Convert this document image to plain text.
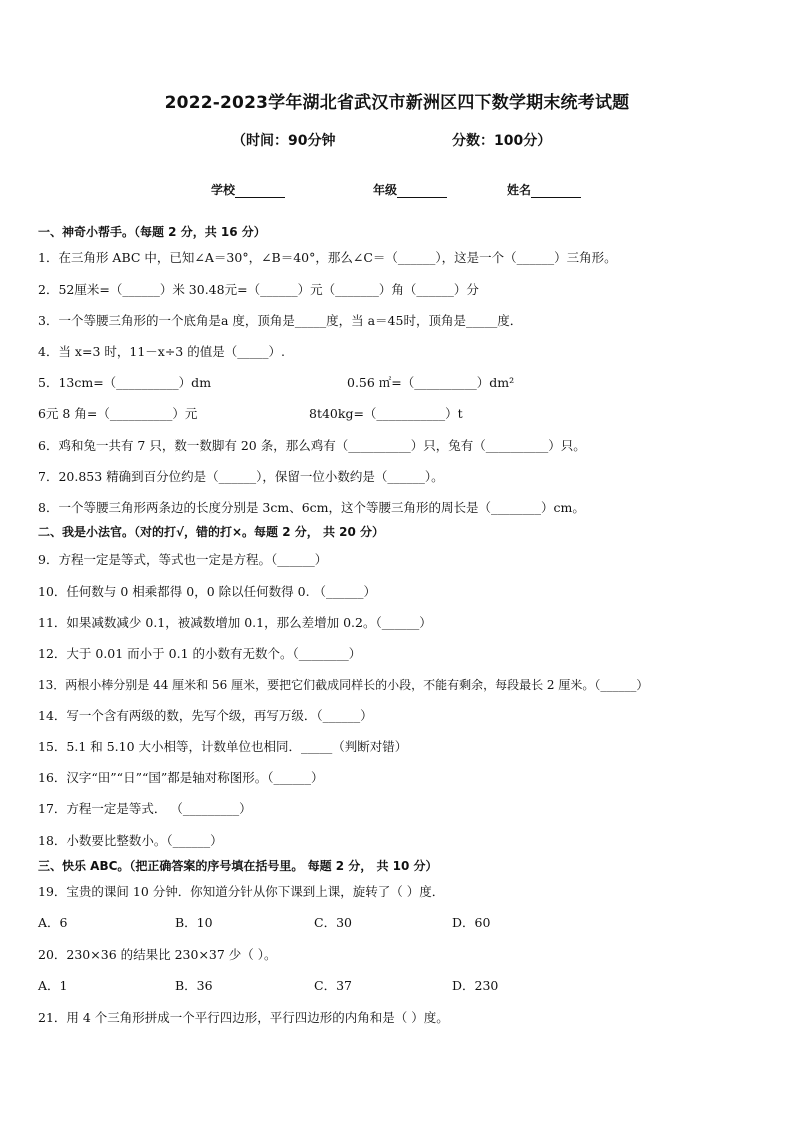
2022-2023学年湖北省武汉市新洲区四下数学期末统考试题
（时间：90分钟	分数：100分）
学校	年级	姓名
一、神奇小帮手。（每题 2 分，共 16 分）
1．在三角形 ABC 中，已知∠A＝30°，∠B＝40°，那么∠C＝（______），这是一个（______）三角形。
2．52厘米=（______）米 30.48元=（______）元（_______）角（______）分
3．一个等腰三角形的一个底角是a 度，顶角是_____度，当 a＝45时，顶角是_____度．
4．当 x=3 时，11－x÷3 的值是（_____）.
5．13cm=（__________）dm	0.56 ㎡=（__________）dm²
6元 8 角=（__________）元	8t40kg=（___________）t
6．鸡和兔一共有 7 只，数一数脚有 20 条，那么鸡有（__________）只，兔有（__________）只。
7．20.853 精确到百分位约是（______），保留一位小数约是（______）。
8．一个等腰三角形两条边的长度分别是 3cm、6cm，这个等腰三角形的周长是（________）cm。
二、我是小法官。（对的打√，错的打×。每题 2 分， 共 20 分）
9．方程一定是等式，等式也一定是方程。（______）
10．任何数与 0 相乘都得 0，0 除以任何数得 0. （______）
11．如果减数减少 0.1，被减数增加 0.1，那么差增加 0.2。（______）
12．大于 0.01 而小于 0.1 的小数有无数个。（________）
13．两根小棒分别是 44 厘米和 56 厘米，要把它们截成同样长的小段，不能有剩余，每段最长 2 厘米。（______）
14．写一个含有两级的数，先写个级，再写万级．（______）
15．5.1 和 5.10 大小相等，计数单位也相同．_____（判断对错）
16．汉字“田”“日”“国”都是轴对称图形。（______）
17．方程一定是等式． （_________）
18．小数要比整数小。（______）
三、快乐 ABC。（把正确答案的序号填在括号里。 每题 2 分， 共 10 分）
19．宝贵的课间 10 分钟．你知道分针从你下课到上课，旋转了（ ）度．
A．6	B．10	C．30	D．60
20．230×36 的结果比 230×37 少（ ）。
A．1	B．36	C．37	D．230
21．用 4 个三角形拼成一个平行四边形，平行四边形的内角和是（ ）度。
